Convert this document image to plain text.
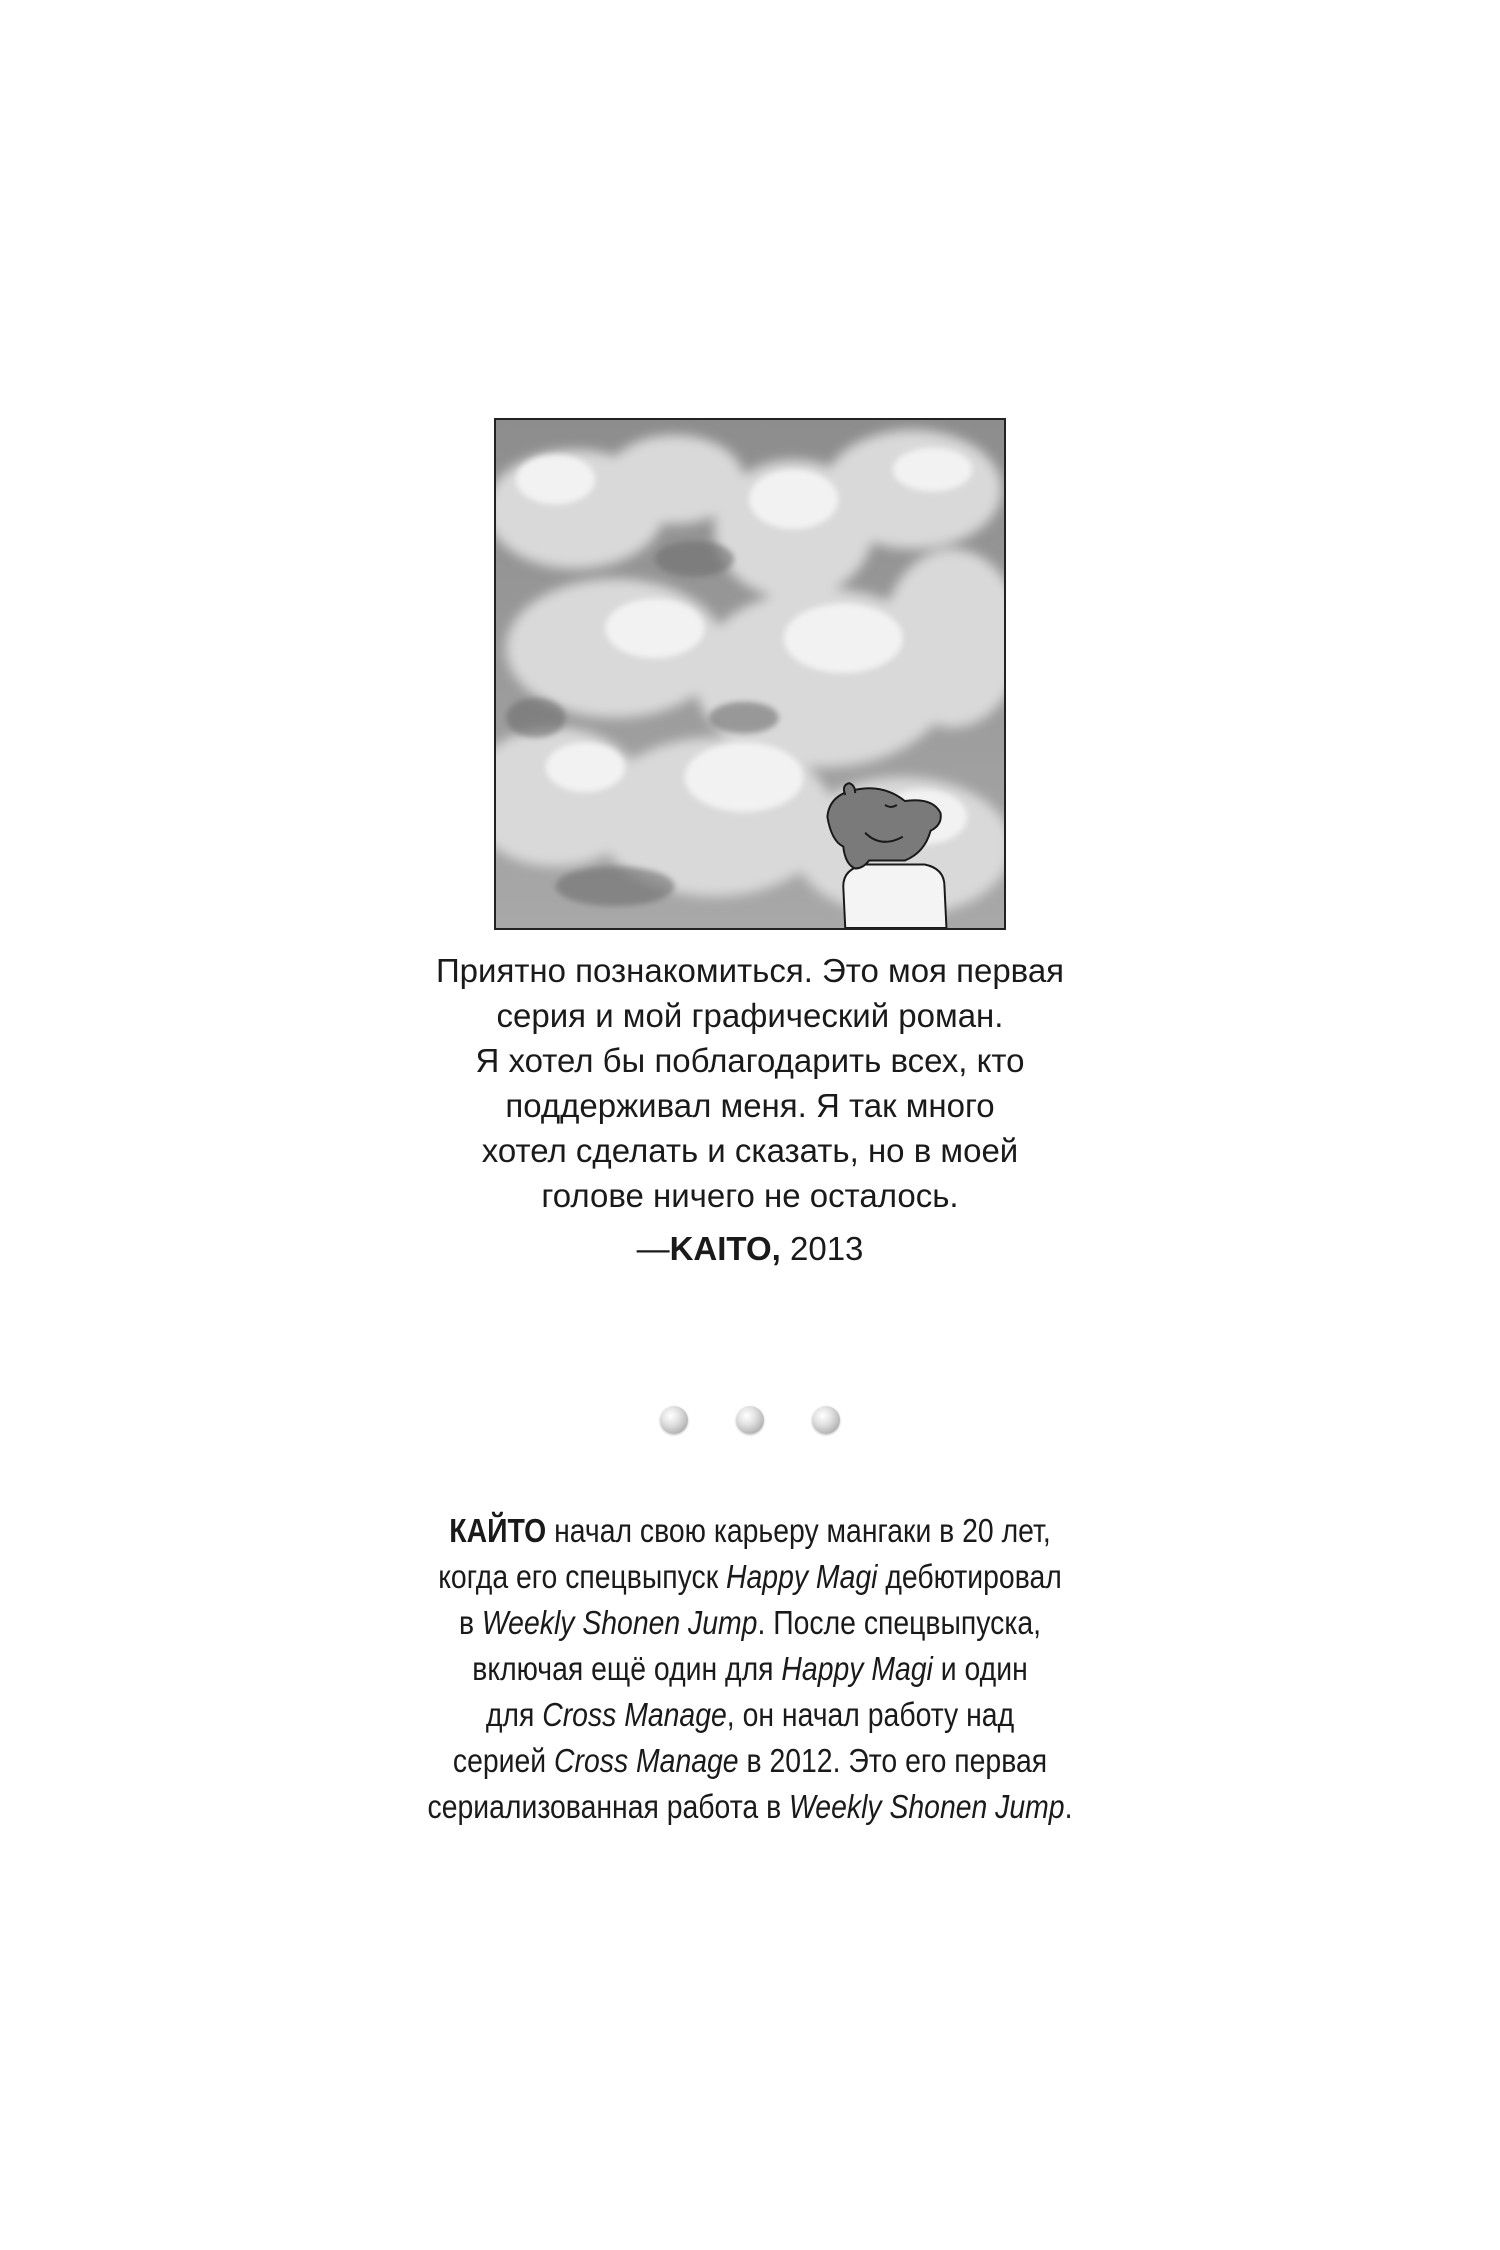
Приятно познакомиться. Это моя первая
серия и мой графический роман.
Я хотел бы поблагодарить всех, кто
поддерживал меня. Я так много
хотел сделать и сказать, но в моей
голове ничего не осталось.

—KAITO, 2013

КАЙТО начал свою карьеру мангаки в 20 лет,
когда его спецвыпуск Happy Magi дебютировал
в Weekly Shonen Jump. После спецвыпуска,
включая ещё один для Happy Magi и один
для Cross Manage, он начал работу над
серией Cross Manage в 2012. Это его первая
сериализованная работа в Weekly Shonen Jump.
